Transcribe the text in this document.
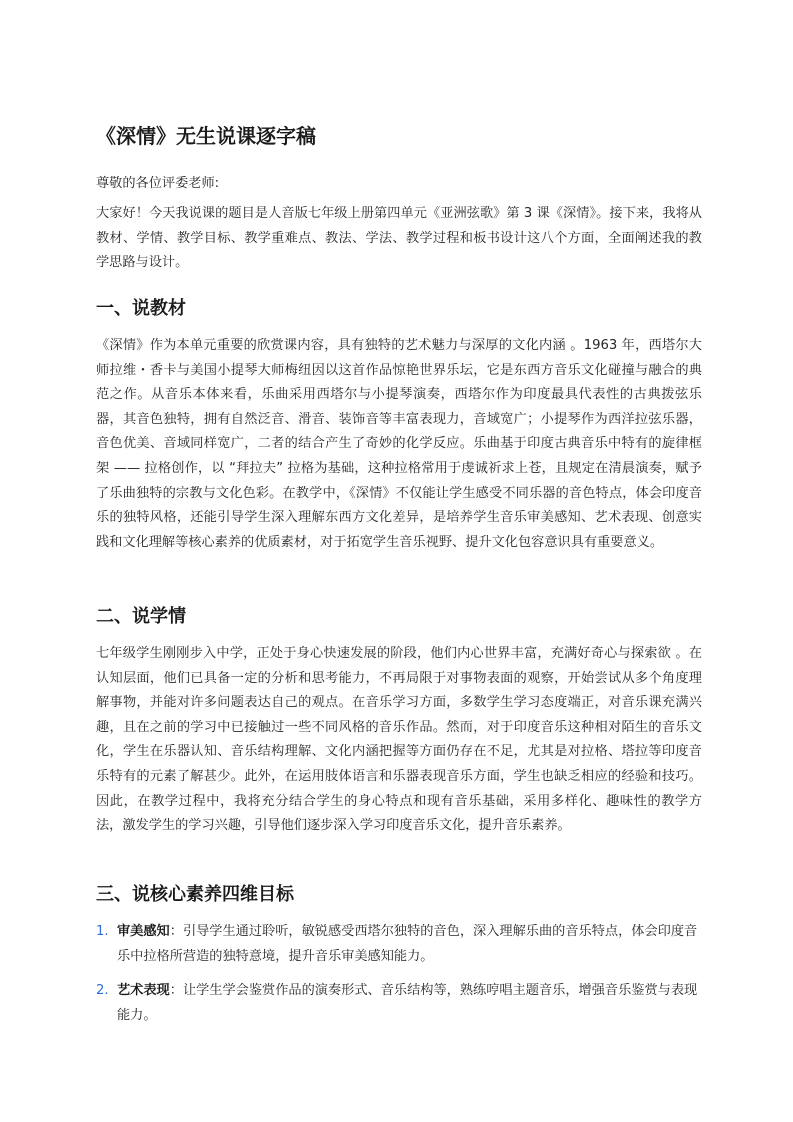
《深情》无生说课逐字稿

尊敬的各位评委老师:

大家好！今天我说课的题目是人音版七年级上册第四单元《亚洲弦歌》第 3 课《深情》。接下来，我将从教材、学情、教学目标、教学重难点、教法、学法、教学过程和板书设计这八个方面，全面阐述我的教学思路与设计。

一、说教材

《深情》作为本单元重要的欣赏课内容，具有独特的艺术魅力与深厚的文化内涵 。1963 年，西塔尔大师拉维・香卡与美国小提琴大师梅纽因以这首作品惊艳世界乐坛，它是东西方音乐文化碰撞与融合的典范之作。从音乐本体来看，乐曲采用西塔尔与小提琴演奏，西塔尔作为印度最具代表性的古典拨弦乐器，其音色独特，拥有自然泛音、滑音、装饰音等丰富表现力，音域宽广；小提琴作为西洋拉弦乐器，音色优美、音域同样宽广，二者的结合产生了奇妙的化学反应。乐曲基于印度古典音乐中特有的旋律框架 —— 拉格创作，以 “拜拉夫” 拉格为基础，这种拉格常用于虔诚祈求上苍，且规定在清晨演奏，赋予了乐曲独特的宗教与文化色彩。在教学中，《深情》不仅能让学生感受不同乐器的音色特点，体会印度音乐的独特风格，还能引导学生深入理解东西方文化差异，是培养学生音乐审美感知、艺术表现、创意实践和文化理解等核心素养的优质素材，对于拓宽学生音乐视野、提升文化包容意识具有重要意义。

二、说学情

七年级学生刚刚步入中学，正处于身心快速发展的阶段，他们内心世界丰富，充满好奇心与探索欲 。在认知层面，他们已具备一定的分析和思考能力，不再局限于对事物表面的观察，开始尝试从多个角度理解事物，并能对许多问题表达自己的观点。在音乐学习方面，多数学生学习态度端正，对音乐课充满兴趣，且在之前的学习中已接触过一些不同风格的音乐作品。然而，对于印度音乐这种相对陌生的音乐文化，学生在乐器认知、音乐结构理解、文化内涵把握等方面仍存在不足，尤其是对拉格、塔拉等印度音乐特有的元素了解甚少。此外，在运用肢体语言和乐器表现音乐方面，学生也缺乏相应的经验和技巧。因此，在教学过程中，我将充分结合学生的身心特点和现有音乐基础，采用多样化、趣味性的教学方法，激发学生的学习兴趣，引导他们逐步深入学习印度音乐文化，提升音乐素养。

三、说核心素养四维目标
1. 审美感知：引导学生通过聆听，敏锐感受西塔尔独特的音色，深入理解乐曲的音乐特点，体会印度音乐中拉格所营造的独特意境，提升音乐审美感知能力。
2. 艺术表现：让学生学会鉴赏作品的演奏形式、音乐结构等，熟练哼唱主题音乐，增强音乐鉴赏与表现能力。
